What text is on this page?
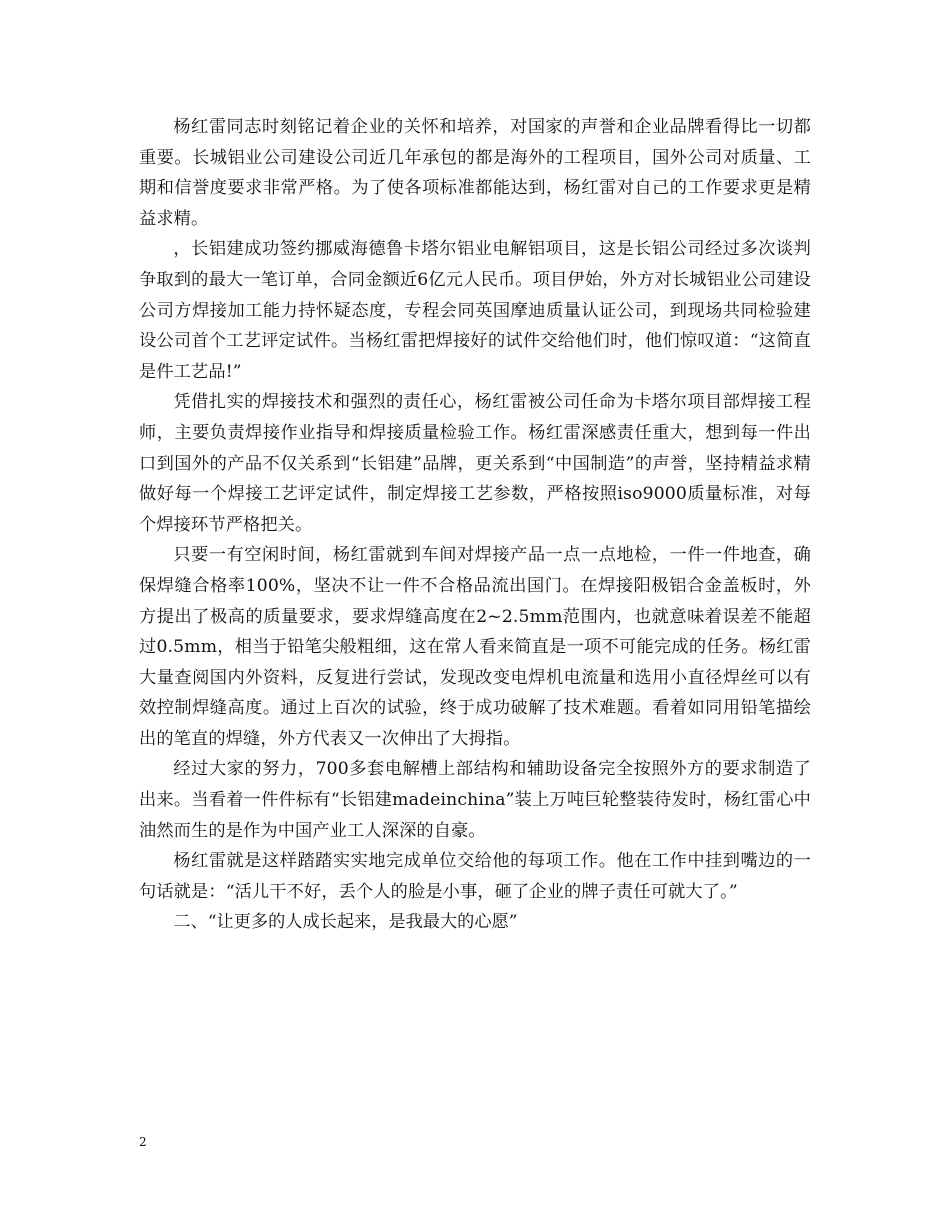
杨红雷同志时刻铭记着企业的关怀和培养，对国家的声誉和企业品牌看得比一切都重要。长城铝业公司建设公司近几年承包的都是海外的工程项目，国外公司对质量、工期和信誉度要求非常严格。为了使各项标准都能达到，杨红雷对自己的工作要求更是精益求精。

，长铝建成功签约挪威海德鲁卡塔尔铝业电解铝项目，这是长铝公司经过多次谈判争取到的最大一笔订单，合同金额近6亿元人民币。项目伊始，外方对长城铝业公司建设公司方焊接加工能力持怀疑态度，专程会同英国摩迪质量认证公司，到现场共同检验建设公司首个工艺评定试件。当杨红雷把焊接好的试件交给他们时，他们惊叹道：“这简直是件工艺品!”

凭借扎实的焊接技术和强烈的责任心，杨红雷被公司任命为卡塔尔项目部焊接工程师，主要负责焊接作业指导和焊接质量检验工作。杨红雷深感责任重大，想到每一件出口到国外的产品不仅关系到“长铝建”品牌，更关系到“中国制造”的声誉，坚持精益求精做好每一个焊接工艺评定试件，制定焊接工艺参数，严格按照iso9000质量标准，对每个焊接环节严格把关。

只要一有空闲时间，杨红雷就到车间对焊接产品一点一点地检，一件一件地查，确保焊缝合格率100%，坚决不让一件不合格品流出国门。在焊接阳极铝合金盖板时，外方提出了极高的质量要求，要求焊缝高度在2~2.5mm范围内，也就意味着误差不能超过0.5mm，相当于铅笔尖般粗细，这在常人看来简直是一项不可能完成的任务。杨红雷大量查阅国内外资料，反复进行尝试，发现改变电焊机电流量和选用小直径焊丝可以有效控制焊缝高度。通过上百次的试验，终于成功破解了技术难题。看着如同用铅笔描绘出的笔直的焊缝，外方代表又一次伸出了大拇指。

经过大家的努力，700多套电解槽上部结构和辅助设备完全按照外方的要求制造了出来。当看着一件件标有“长铝建madeinchina”装上万吨巨轮整装待发时，杨红雷心中油然而生的是作为中国产业工人深深的自豪。

杨红雷就是这样踏踏实实地完成单位交给他的每项工作。他在工作中挂到嘴边的一句话就是：“活儿干不好，丢个人的脸是小事，砸了企业的牌子责任可就大了。”

二、“让更多的人成长起来，是我最大的心愿”

2
